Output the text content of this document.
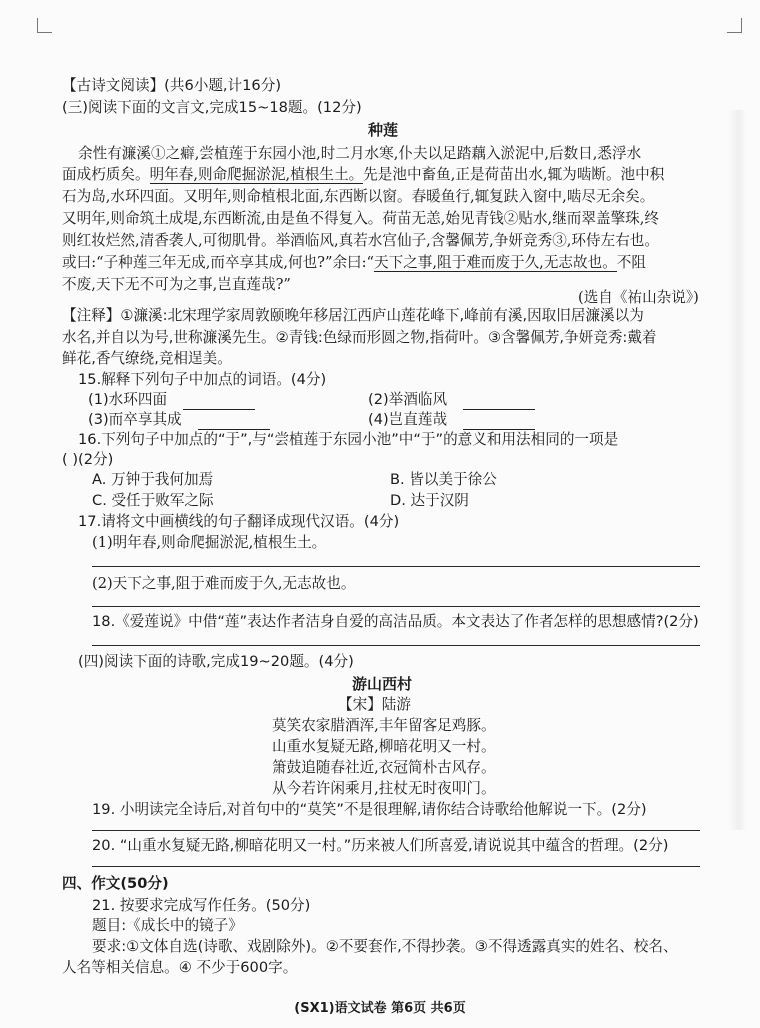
【古诗文阅读】(共6小题,计16分)
(三)阅读下面的文言文,完成15~18题。(12分)
种莲
余性有濂溪①之癖,尝植莲于东园小池,时二月水寒,仆夫以足踏藕入淤泥中,后数日,悉浮水
面成朽质矣。明年春,则命爬掘淤泥,植根生土。先是池中畜鱼,正是荷苗出水,辄为啮断。池中积
石为岛,水环四面。又明年,则命植根北面,东西断以窗。春暖鱼行,辄复趺入窗中,啮尽无余矣。
又明年,则命筑土成堤,东西断流,由是鱼不得复入。荷苗无恙,始见青钱②贴水,继而翠盖擎珠,终
则红妆烂然,清香袭人,可彻肌骨。举酒临风,真若水宫仙子,含馨佩芳,争妍竞秀③,环侍左右也。
或曰:“子种莲三年无成,而卒享其成,何也?”余曰:“天下之事,阻于难而废于久,无志故也。不阻
不废,天下无不可为之事,岂直莲哉?”
(选自《祐山杂说》)
【注释】①濂溪:北宋理学家周敦颐晚年移居江西庐山莲花峰下,峰前有溪,因取旧居濂溪以为
水名,并自以为号,世称濂溪先生。②青钱:色绿而形圆之物,指荷叶。③含馨佩芳,争妍竞秀:戴着
鲜花,香气缭绕,竞相逞美。
15.解释下列句子中加点的词语。(4分)
(1)水环四面	(2)举酒临风
(3)而卒享其成	(4)岂直莲哉
16.下列句子中加点的“于”,与“尝植莲于东园小池”中“于”的意义和用法相同的一项是
( )(2分)
A. 万钟于我何加焉	B. 皆以美于徐公
C. 受任于败军之际	D. 达于汉阴
17.请将文中画横线的句子翻译成现代汉语。(4分)
(1)明年春,则命爬掘淤泥,植根生土。
(2)天下之事,阻于难而废于久,无志故也。
18.《爱莲说》中借“莲”表达作者洁身自爱的高洁品质。本文表达了作者怎样的思想感情?(2分)
(四)阅读下面的诗歌,完成19~20题。(4分)
游山西村
【宋】陆游
莫笑农家腊酒浑,丰年留客足鸡豚。
山重水复疑无路,柳暗花明又一村。
箫鼓追随春社近,衣冠简朴古风存。
从今若许闲乘月,拄杖无时夜叩门。
19. 小明读完全诗后,对首句中的“莫笑”不是很理解,请你结合诗歌给他解说一下。(2分)
20. “山重水复疑无路,柳暗花明又一村。”历来被人们所喜爱,请说说其中蕴含的哲理。(2分)
四、作文(50分)
21. 按要求完成写作任务。(50分)
题目:《成长中的镜子》
要求:①文体自选(诗歌、戏剧除外)。②不要套作,不得抄袭。③不得透露真实的姓名、校名、
人名等相关信息。④ 不少于600字。
(SX1)语文试卷 第6页 共6页
